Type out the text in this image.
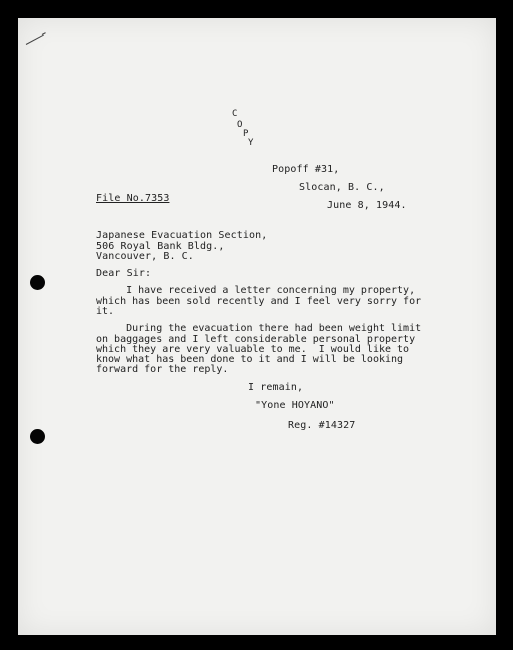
C
O
P
Y
Popoff #31,
Slocan, B. C.,
File No.7353
June 8, 1944.
Japanese Evacuation Section,
506 Royal Bank Bldg.,
Vancouver, B. C.
Dear Sir:
I have received a letter concerning my property,
which has been sold recently and I feel very sorry for
it.
During the evacuation there had been weight limit
on baggages and I left considerable personal property
which they are very valuable to me.  I would like to
know what has been done to it and I will be looking
forward for the reply.
I remain,
"Yone HOYANO"
Reg. #14327
